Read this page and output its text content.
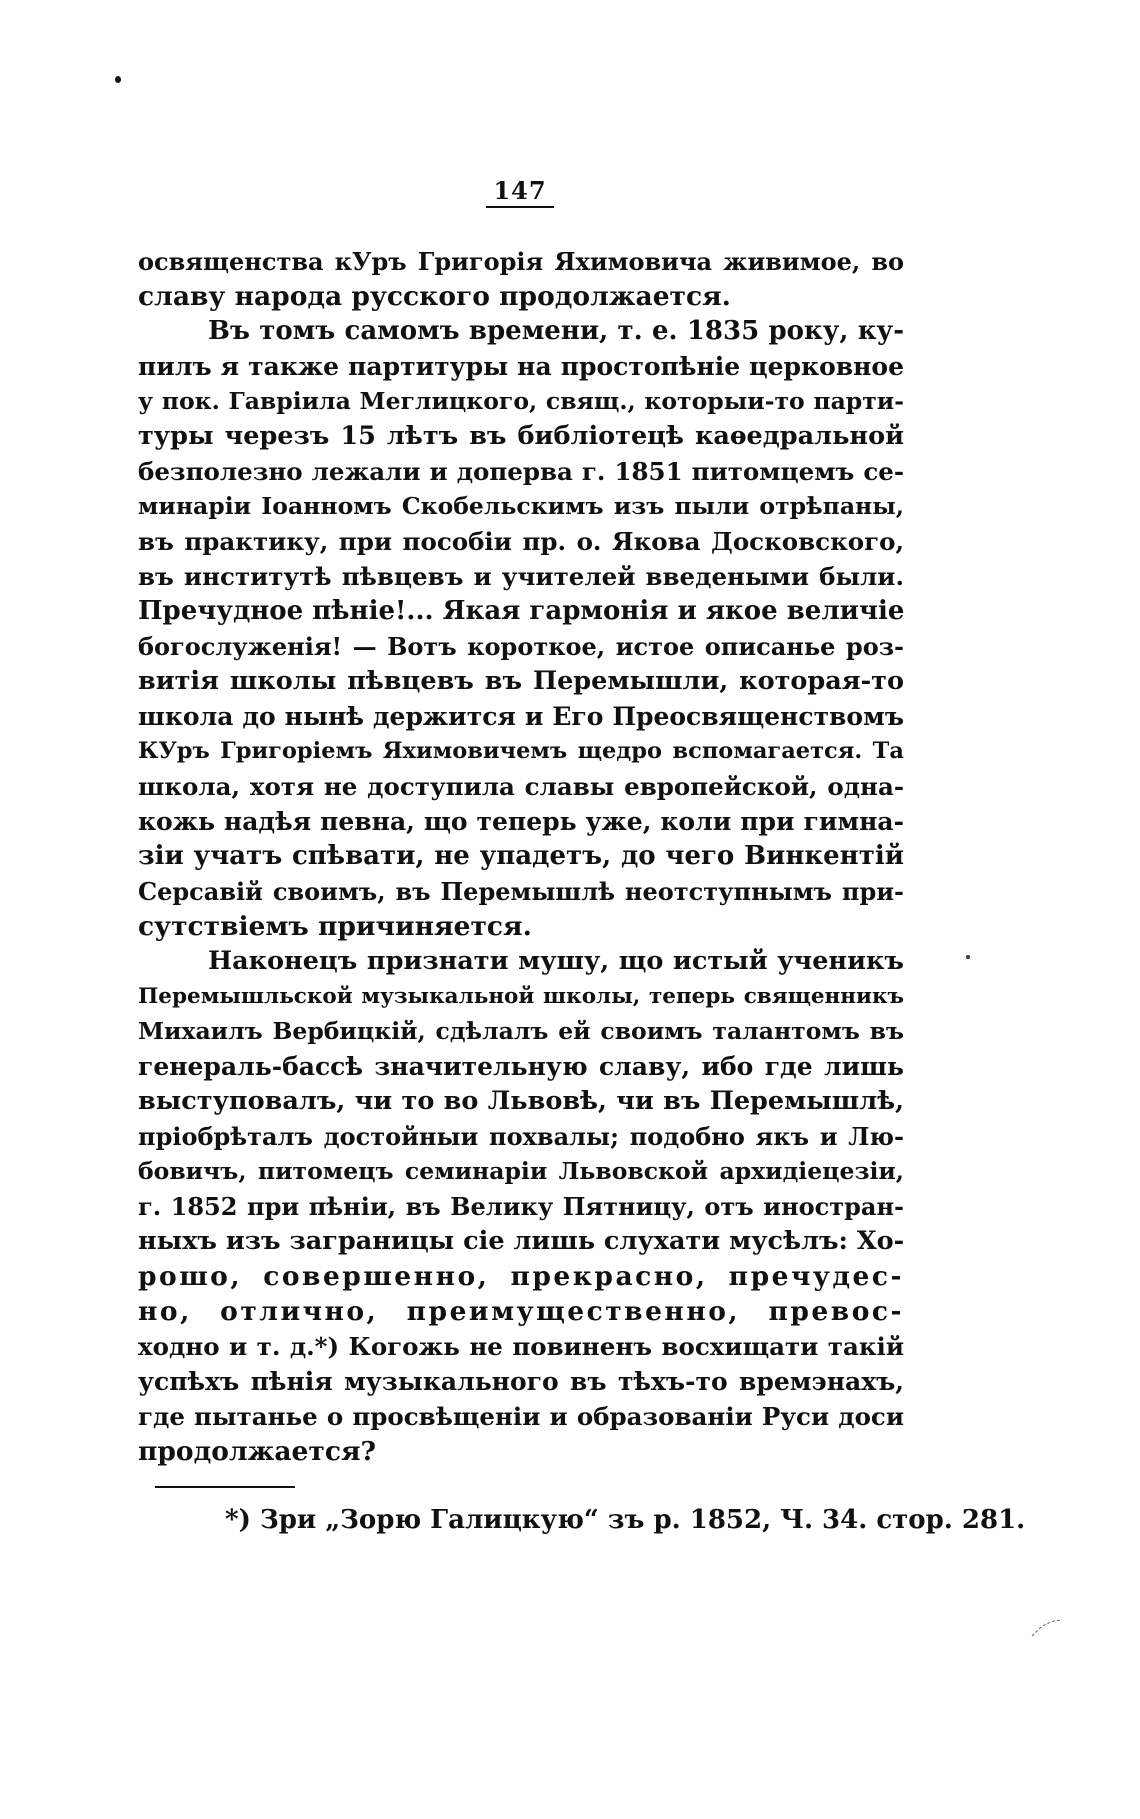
147
освященства кУръ Григорія Яхимовича живимое, во
славу народа русского продолжается.
Въ томъ самомъ времени, т. е. 1835 року, ку-
пилъ я также партитуры на простопѣніе церковное
у пок. Гавріила Меглицкого, свящ., которыи-то парти-
туры черезъ 15 лѣтъ въ библіотецѣ каѳедральной
безполезно лежали и доперва г. 1851 питомцемъ се-
минаріи Іоанномъ Скобельскимъ изъ пыли отрѣпаны,
въ практику, при пособіи пр. о. Якова Досковского,
въ институтѣ пѣвцевъ и учителей введеными были.
Пречудное пѣніе!... Якая гармонія и якое величіе
богослуженія! — Вотъ короткое, истое описанье роз-
витія школы пѣвцевъ въ Перемышли, которая-то
школа до нынѣ держится и Его Преосвященствомъ
КУръ Григоріемъ Яхимовичемъ щедро вспомагается. Та
школа, хотя не доступила славы европейской, одна-
кожь надѣя певна, що теперь уже, коли при гимна-
зіи учатъ спѣвати, не упадетъ, до чего Винкентій
Серсавій своимъ, въ Перемышлѣ неотступнымъ при-
сутствіемъ причиняется.
Наконецъ признати мушу, що истый ученикъ
Перемышльской музыкальной школы, теперь священникъ
Михаилъ Вербицкій, сдѣлалъ ей своимъ талантомъ въ
генераль-бассѣ значительную славу, ибо где лишь
выступовалъ, чи то во Львовѣ, чи въ Перемышлѣ,
пріобрѣталъ достойныи похвалы; подобно якъ и Лю-
бовичъ, питомецъ семинаріи Львовской архидіецезіи,
г. 1852 при пѣніи, въ Велику Пятницу, отъ иностран-
ныхъ изъ заграницы сіе лишь слухати мусѣлъ: Хо-
рошо, совершенно, прекрасно, пречудес-
но, отлично, преимущественно, превос-
ходно и т. д.*) Когожь не повиненъ восхищати такій
успѣхъ пѣнія музыкального въ тѣхъ-то времэнахъ,
где пытанье о просвѣщеніи и образованіи Руси доси
продолжается?
*) Зри „Зорю Галицкую“ зъ р. 1852, Ч. 34. стор. 281.
